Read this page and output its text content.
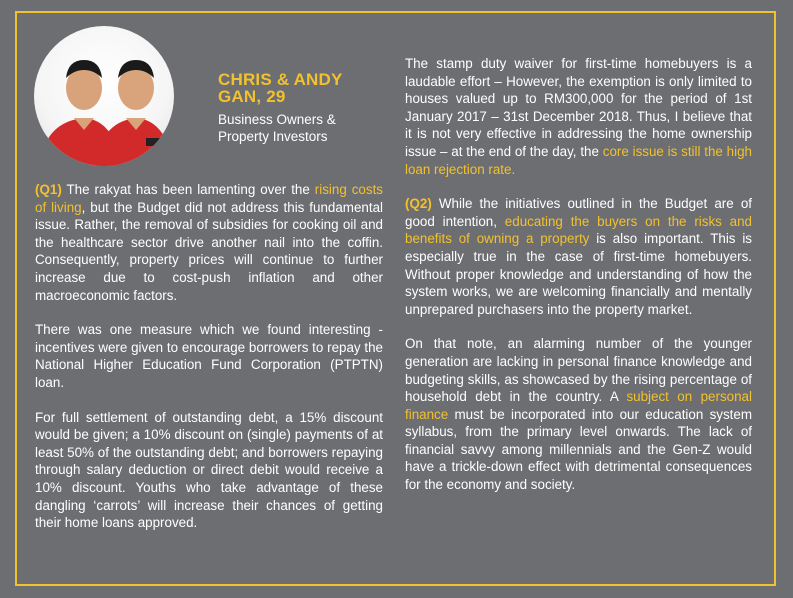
CHRIS & ANDY GAN, 29
Business Owners & Property Investors

(Q1) The rakyat has been lamenting over the rising costs of living, but the Budget did not address this fundamental issue. Rather, the removal of subsidies for cooking oil and the healthcare sector drive another nail into the coffin. Consequently, property prices will continue to further increase due to cost-push inflation and other macroeconomic factors.

There was one measure which we found interesting - incentives were given to encourage borrowers to repay the National Higher Education Fund Corporation (PTPTN) loan.

For full settlement of outstanding debt, a 15% discount would be given; a 10% discount on (single) payments of at least 50% of the outstanding debt; and borrowers repaying through salary deduction or direct debit would receive a 10% discount. Youths who take advantage of these dangling ‘carrots’ will increase their chances of getting their home loans approved.

The stamp duty waiver for first-time homebuyers is a laudable effort – However, the exemption is only limited to houses valued up to RM300,000 for the period of 1st January 2017 – 31st December 2018. Thus, I believe that it is not very effective in addressing the home ownership issue – at the end of the day, the core issue is still the high loan rejection rate.

(Q2) While the initiatives outlined in the Budget are of good intention, educating the buyers on the risks and benefits of owning a property is also important. This is especially true in the case of first-time homebuyers. Without proper knowledge and understanding of how the system works, we are welcoming financially and mentally unprepared purchasers into the property market.

On that note, an alarming number of the younger generation are lacking in personal finance knowledge and budgeting skills, as showcased by the rising percentage of household debt in the country. A subject on personal finance must be incorporated into our education system syllabus, from the primary level onwards. The lack of financial savvy among millennials and the Gen-Z would have a trickle-down effect with detrimental consequences for the economy and society.
